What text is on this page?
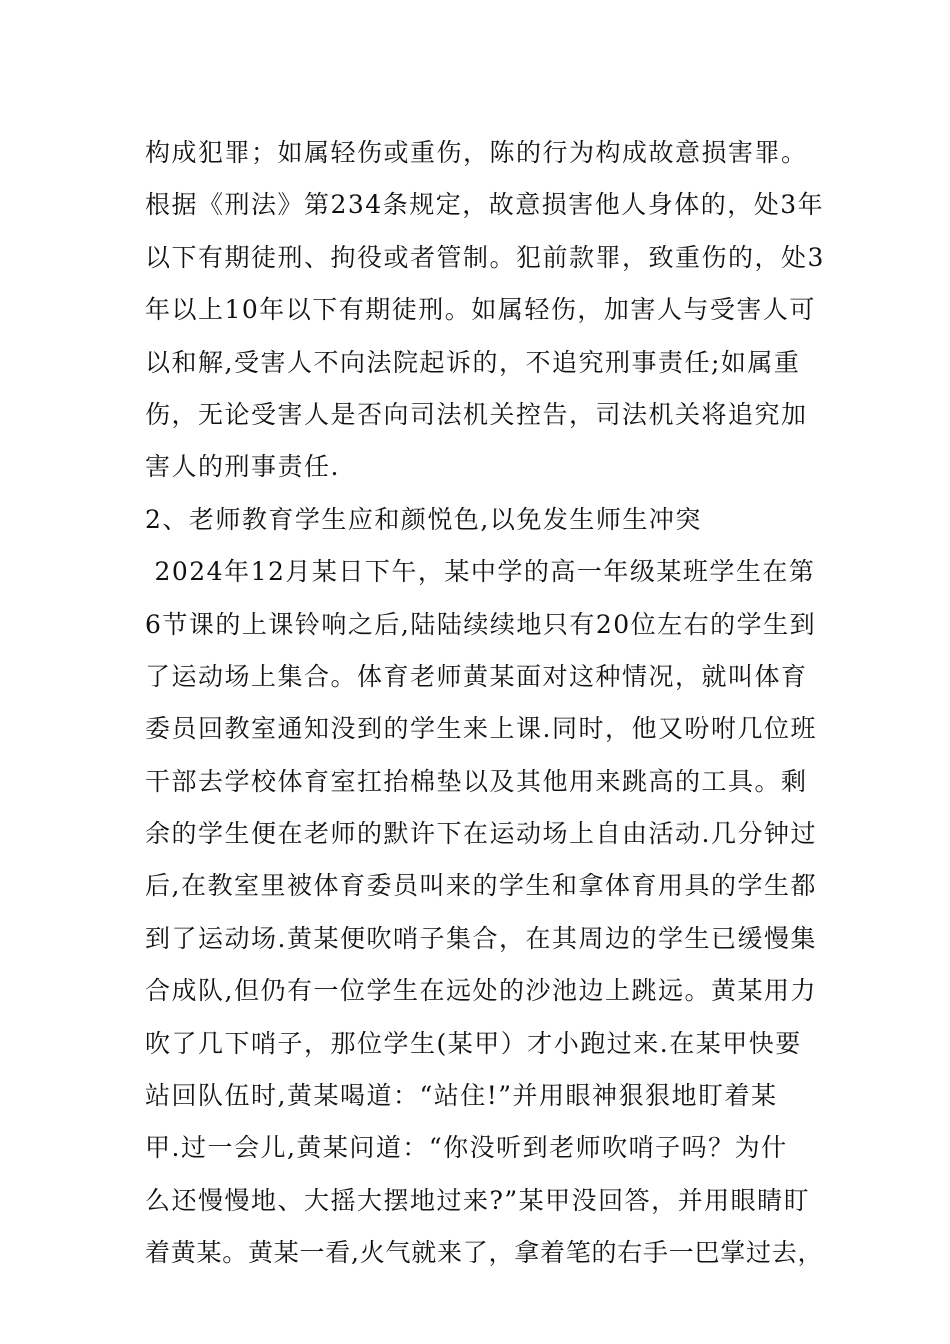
构成犯罪；如属轻伤或重伤，陈的行为构成故意损害罪。
根据《刑法》第234条规定，故意损害他人身体的，处3年
以下有期徒刑、拘役或者管制。犯前款罪，致重伤的，处3
年以上10年以下有期徒刑。如属轻伤，加害人与受害人可
以和解,受害人不向法院起诉的，不追究刑事责任;如属重
伤，无论受害人是否向司法机关控告，司法机关将追究加
害人的刑事责任.
2、老师教育学生应和颜悦色,以免发生师生冲突
2024年12月某日下午，某中学的高一年级某班学生在第
6节课的上课铃响之后,陆陆续续地只有20位左右的学生到
了运动场上集合。体育老师黄某面对这种情况，就叫体育
委员回教室通知没到的学生来上课.同时，他又吩咐几位班
干部去学校体育室扛抬棉垫以及其他用来跳高的工具。剩
余的学生便在老师的默许下在运动场上自由活动.几分钟过
后,在教室里被体育委员叫来的学生和拿体育用具的学生都
到了运动场.黄某便吹哨子集合，在其周边的学生已缓慢集
合成队,但仍有一位学生在远处的沙池边上跳远。黄某用力
吹了几下哨子，那位学生(某甲）才小跑过来.在某甲快要
站回队伍时,黄某喝道：“站住!”并用眼神狠狠地盯着某
甲.过一会儿,黄某问道：“你没听到老师吹哨子吗？为什
么还慢慢地、大摇大摆地过来?”某甲没回答，并用眼睛盯
着黄某。黄某一看,火气就来了，拿着笔的右手一巴掌过去，
